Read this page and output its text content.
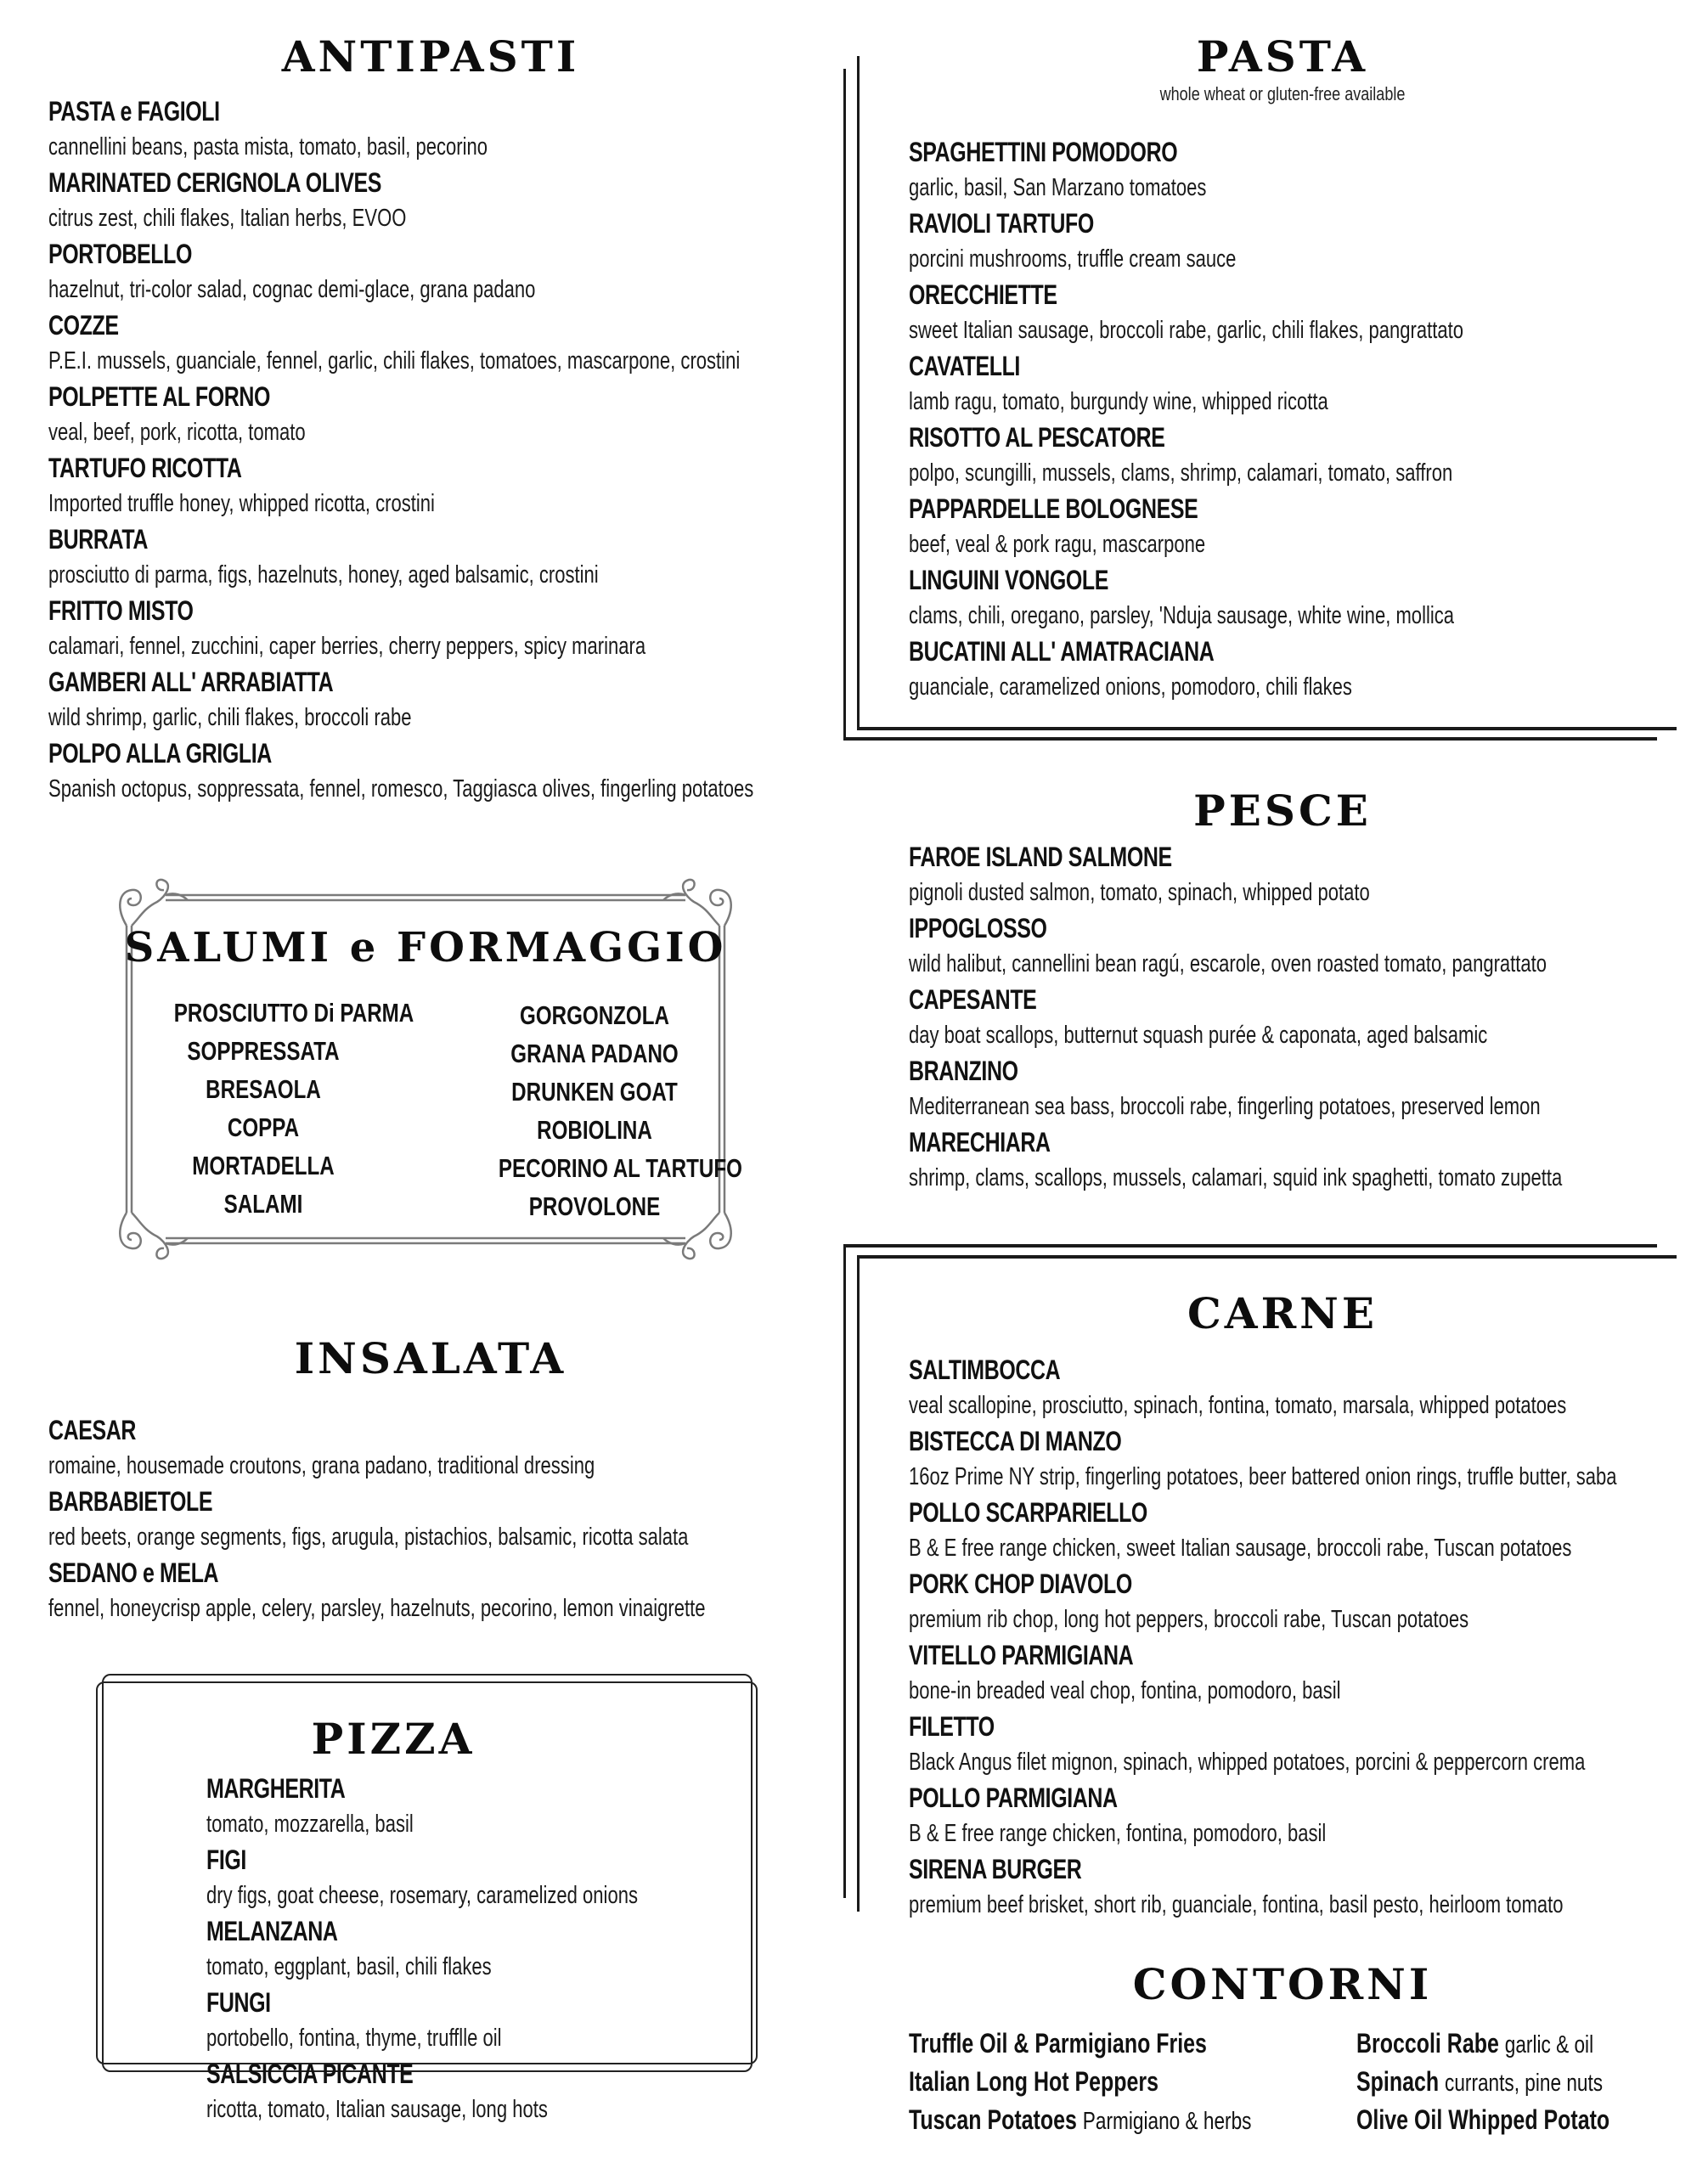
ANTIPASTI
PASTA e FAGIOLI
cannellini beans, pasta mista, tomato, basil, pecorino
MARINATED CERIGNOLA OLIVES
citrus zest, chili flakes, Italian herbs, EVOO
PORTOBELLO
hazelnut, tri-color salad, cognac demi-glace, grana padano
COZZE
P.E.I. mussels, guanciale, fennel, garlic, chili flakes, tomatoes, mascarpone, crostini
POLPETTE AL FORNO
veal, beef, pork, ricotta, tomato
TARTUFO RICOTTA
Imported truffle honey, whipped ricotta, crostini
BURRATA
prosciutto di parma, figs, hazelnuts, honey, aged balsamic, crostini
FRITTO MISTO
calamari, fennel, zucchini, caper berries, cherry peppers, spicy marinara
GAMBERI ALL' ARRABIATTA
wild shrimp, garlic, chili flakes, broccoli rabe
POLPO ALLA GRIGLIA
Spanish octopus, soppressata, fennel, romesco, Taggiasca olives, fingerling potatoes
SALUMI e FORMAGGIO
PROSCIUTTO Di PARMA
SOPPRESSATA
BRESAOLA
COPPA
MORTADELLA
SALAMI
GORGONZOLA
GRANA PADANO
DRUNKEN GOAT
ROBIOLINA
PECORINO AL TARTUFO
PROVOLONE
INSALATA
CAESAR
romaine, housemade croutons, grana padano, traditional dressing
BARBABIETOLE
red beets, orange segments, figs, arugula, pistachios, balsamic, ricotta salata
SEDANO e MELA
fennel, honeycrisp apple, celery, parsley, hazelnuts, pecorino, lemon vinaigrette
PIZZA
MARGHERITA
tomato, mozzarella, basil
FIGI
dry figs, goat cheese, rosemary, caramelized onions
MELANZANA
tomato, eggplant, basil, chili flakes
FUNGI
portobello, fontina, thyme, trufflle oil
SALSICCIA PICANTE
ricotta, tomato, Italian sausage, long hots
PASTA
whole wheat or gluten-free available
SPAGHETTINI POMODORO
garlic, basil, San Marzano tomatoes
RAVIOLI TARTUFO
porcini mushrooms, truffle cream sauce
ORECCHIETTE
sweet Italian sausage, broccoli rabe, garlic, chili flakes, pangrattato
CAVATELLI
lamb ragu, tomato, burgundy wine, whipped ricotta
RISOTTO AL PESCATORE
polpo, scungilli, mussels, clams, shrimp, calamari, tomato, saffron
PAPPARDELLE BOLOGNESE
beef, veal & pork ragu, mascarpone
LINGUINI VONGOLE
clams, chili, oregano, parsley, 'Nduja sausage, white wine, mollica
BUCATINI ALL' AMATRACIANA
guanciale, caramelized onions, pomodoro, chili flakes
PESCE
FAROE ISLAND SALMONE
pignoli dusted salmon, tomato, spinach, whipped potato
IPPOGLOSSO
wild halibut, cannellini bean ragú, escarole, oven roasted tomato, pangrattato
CAPESANTE
day boat scallops, butternut squash purée & caponata, aged balsamic
BRANZINO
Mediterranean sea bass, broccoli rabe, fingerling potatoes, preserved lemon
MARECHIARA
shrimp, clams, scallops, mussels, calamari, squid ink spaghetti, tomato zupetta
CARNE
SALTIMBOCCA
veal scallopine, prosciutto, spinach, fontina, tomato, marsala, whipped potatoes
BISTECCA DI MANZO
16oz Prime NY strip, fingerling potatoes, beer battered onion rings, truffle butter, saba
POLLO SCARPARIELLO
B & E free range chicken, sweet Italian sausage, broccoli rabe, Tuscan potatoes
PORK CHOP DIAVOLO
premium rib chop, long hot peppers, broccoli rabe, Tuscan potatoes
VITELLO PARMIGIANA
bone-in breaded veal chop, fontina, pomodoro, basil
FILETTO
Black Angus filet mignon, spinach, whipped potatoes, porcini & peppercorn crema
POLLO PARMIGIANA
B & E free range chicken, fontina, pomodoro, basil
SIRENA BURGER
premium beef brisket, short rib, guanciale, fontina, basil pesto, heirloom tomato
CONTORNI
Truffle Oil & Parmigiano Fries
Italian Long Hot Peppers
Tuscan Potatoes Parmigiano & herbs
Broccoli Rabe garlic & oil
Spinach currants, pine nuts
Olive Oil Whipped Potato
